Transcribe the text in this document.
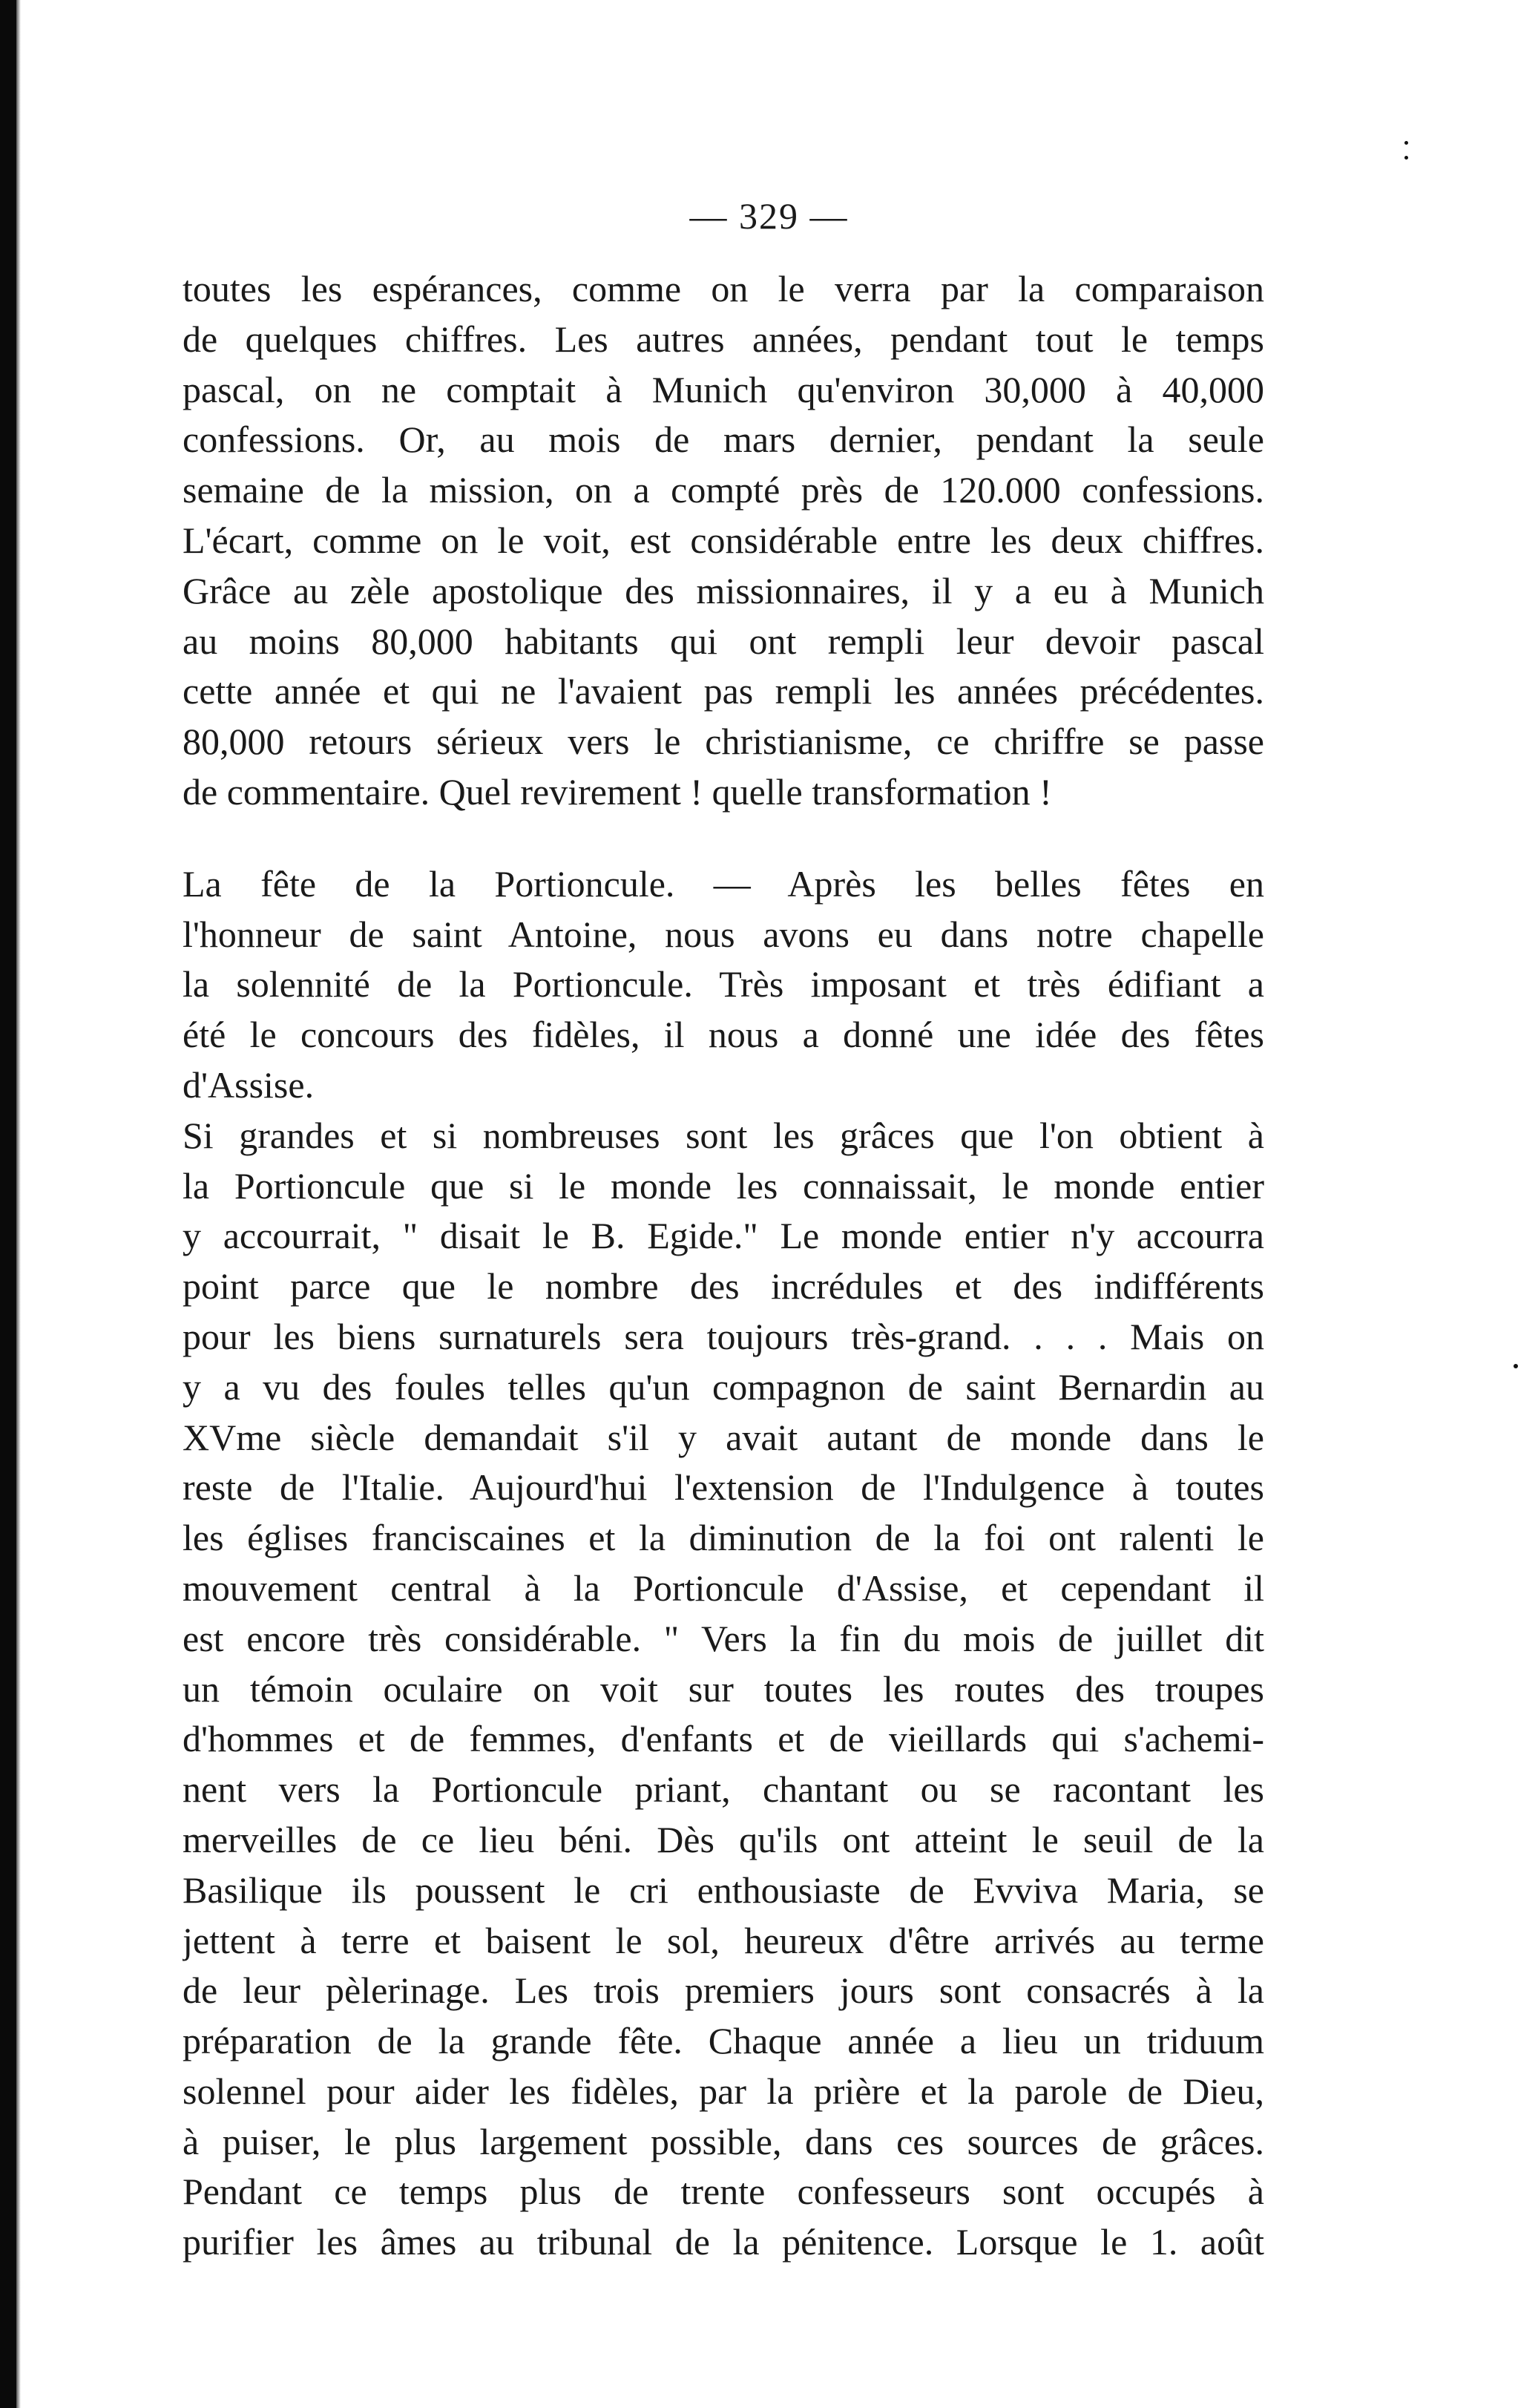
— 329 —
toutes les espérances, comme on le verra par la comparaison
de quelques chiffres. Les autres années, pendant tout le temps
pascal, on ne comptait à Munich qu'environ 30,000 à 40,000
confessions. Or, au mois de mars dernier, pendant la seule
semaine de la mission, on a compté près de 120.000 confessions.
L'écart, comme on le voit, est considérable entre les deux chiffres.
Grâce au zèle apostolique des missionnaires, il y a eu à Munich
au moins 80,000 habitants qui ont rempli leur devoir pascal
cette année et qui ne l'avaient pas rempli les années précédentes.
80,000 retours sérieux vers le christianisme, ce chriffre se passe
de commentaire. Quel revirement ! quelle transformation !
La fête de la Portioncule. — Après les belles fêtes en
l'honneur de saint Antoine, nous avons eu dans notre chapelle
la solennité de la Portioncule. Très imposant et très édifiant a
été le concours des fidèles, il nous a donné une idée des fêtes
d'Assise.
Si grandes et si nombreuses sont les grâces que l'on obtient à
la Portioncule que si le monde les connaissait, le monde entier
y accourrait, " disait le B. Egide." Le monde entier n'y accourra
point parce que le nombre des incrédules et des indifférents
pour les biens surnaturels sera toujours très-grand. . . . Mais on
y a vu des foules telles qu'un compagnon de saint Bernardin au
XVme siècle demandait s'il y avait autant de monde dans le
reste de l'Italie. Aujourd'hui l'extension de l'Indulgence à toutes
les églises franciscaines et la diminution de la foi ont ralenti le
mouvement central à la Portioncule d'Assise, et cependant il
est encore très considérable. " Vers la fin du mois de juillet dit
un témoin oculaire on voit sur toutes les routes des troupes
d'hommes et de femmes, d'enfants et de vieillards qui s'achemi-
nent vers la Portioncule priant, chantant ou se racontant les
merveilles de ce lieu béni. Dès qu'ils ont atteint le seuil de la
Basilique ils poussent le cri enthousiaste de Evviva Maria, se
jettent à terre et baisent le sol, heureux d'être arrivés au terme
de leur pèlerinage. Les trois premiers jours sont consacrés à la
préparation de la grande fête. Chaque année a lieu un triduum
solennel pour aider les fidèles, par la prière et la parole de Dieu,
à puiser, le plus largement possible, dans ces sources de grâces.
Pendant ce temps plus de trente confesseurs sont occupés à
purifier les âmes au tribunal de la pénitence. Lorsque le 1. août
